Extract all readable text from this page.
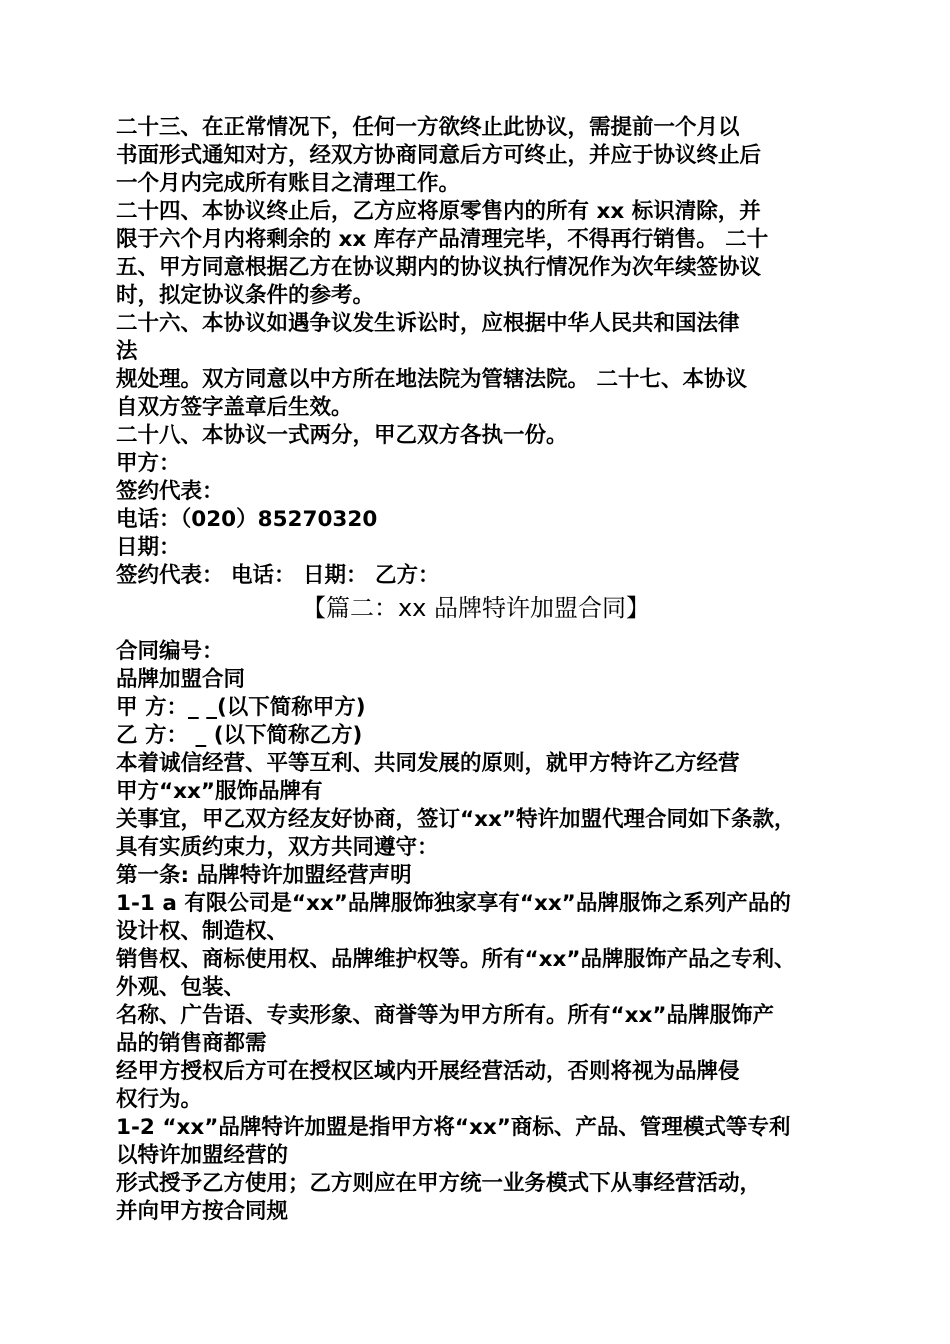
二十三、在正常情况下，任何一方欲终止此协议，需提前一个月以
书面形式通知对方，经双方协商同意后方可终止，并应于协议终止后
一个月内完成所有账目之清理工作。
二十四、本协议终止后，乙方应将原零售内的所有 xx 标识清除，并
限于六个月内将剩余的 xx 库存产品清理完毕，不得再行销售。 二十
五、甲方同意根据乙方在协议期内的协议执行情况作为次年续签协议
时，拟定协议条件的参考。
二十六、本协议如遇争议发生诉讼时，应根据中华人民共和国法律
法
规处理。双方同意以中方所在地法院为管辖法院。 二十七、本协议
自双方签字盖章后生效。
二十八、本协议一式两分，甲乙双方各执一份。
甲方：
签约代表：
电话：（020）85270320
日期：
签约代表： 电话： 日期： 乙方：
【篇二：xx 品牌特许加盟合同】
合同编号：
品牌加盟合同
甲 方：_ _(以下简称甲方)
乙 方： _ (以下简称乙方)
本着诚信经营、平等互利、共同发展的原则，就甲方特许乙方经营
甲方“xx”服饰品牌有
关事宜，甲乙双方经友好协商，签订“xx”特许加盟代理合同如下条款，
具有实质约束力，双方共同遵守：
第一条: 品牌特许加盟经营声明
1-1 a 有限公司是“xx”品牌服饰独家享有“xx”品牌服饰之系列产品的
设计权、制造权、
销售权、商标使用权、品牌维护权等。所有“xx”品牌服饰产品之专利、
外观、包装、
名称、广告语、专卖形象、商誉等为甲方所有。所有“xx”品牌服饰产
品的销售商都需
经甲方授权后方可在授权区域内开展经营活动，否则将视为品牌侵
权行为。
1-2 “xx”品牌特许加盟是指甲方将“xx”商标、产品、管理模式等专利
以特许加盟经营的
形式授予乙方使用；乙方则应在甲方统一业务模式下从事经营活动，
并向甲方按合同规
